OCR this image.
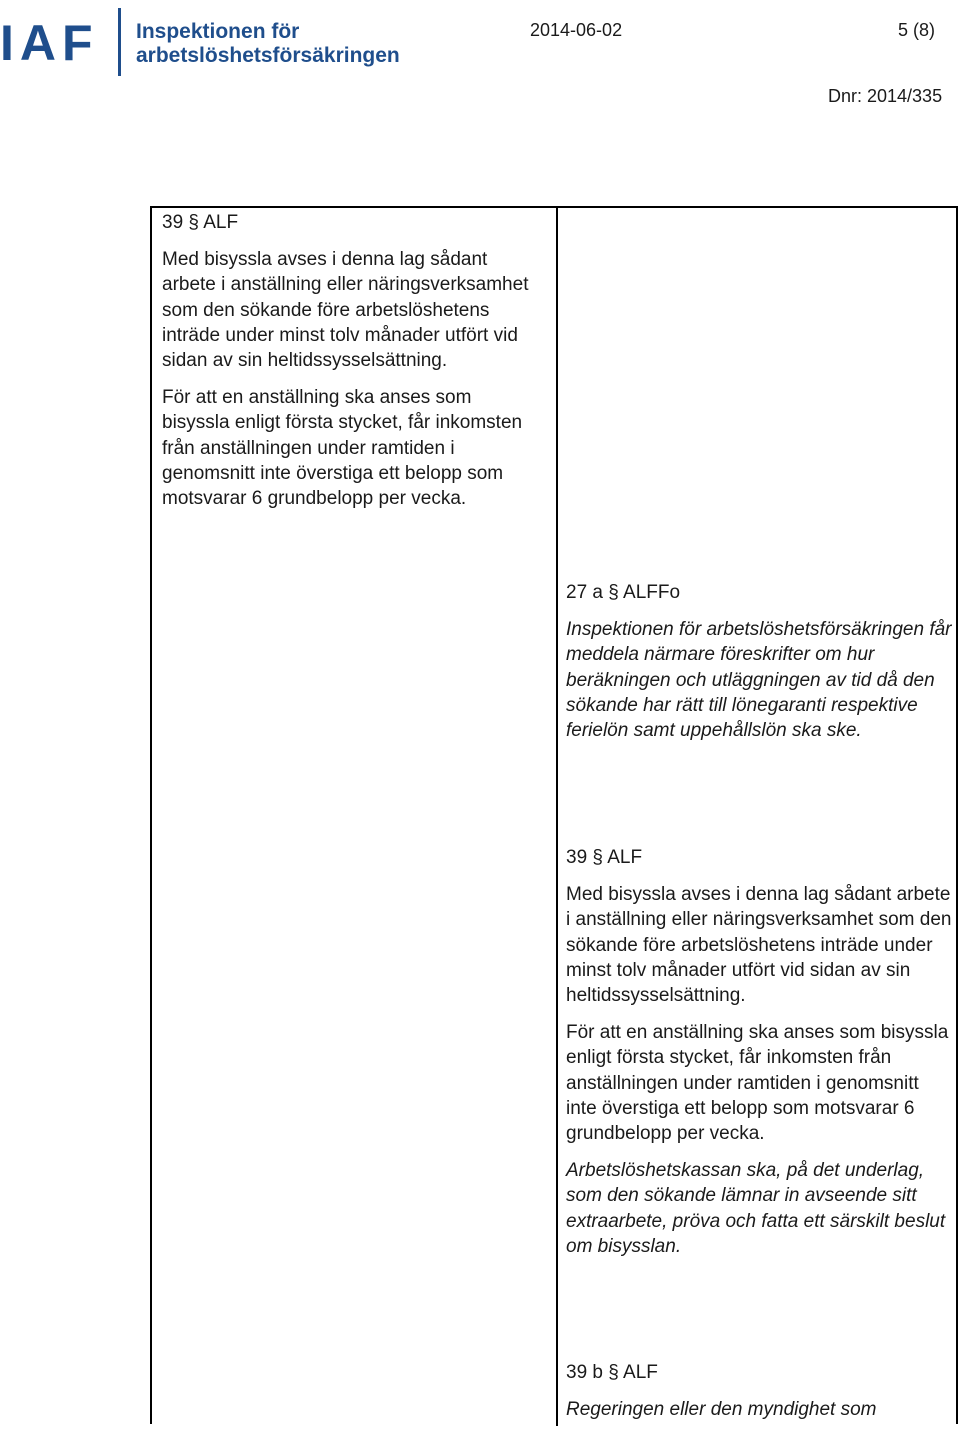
IAF Inspektionen för
arbetslöshetsförsäkringen
2014-06-02	5 (8)
Dnr: 2014/335

39 § ALF

Med bisyssla avses i denna lag sådant arbete i anställning eller näringsverksamhet som den sökande före arbetslöshetens inträde under minst tolv månader utfört vid sidan av sin heltidssysselsättning.

För att en anställning ska anses som bisyssla enligt första stycket, får inkomsten från anställningen under ramtiden i genomsnitt inte överstiga ett belopp som motsvarar 6 grundbelopp per vecka.

27 a § ALFFo

Inspektionen för arbetslöshetsförsäkringen får meddela närmare föreskrifter om hur beräkningen och utläggningen av tid då den sökande har rätt till lönegaranti respektive ferielön samt uppehållslön ska ske.

39 § ALF

Med bisyssla avses i denna lag sådant arbete i anställning eller näringsverksamhet som den sökande före arbetslöshetens inträde under minst tolv månader utfört vid sidan av sin heltidssysselsättning.

För att en anställning ska anses som bisyssla enligt första stycket, får inkomsten från anställningen under ramtiden i genomsnitt inte överstiga ett belopp som motsvarar 6 grundbelopp per vecka.

Arbetslöshetskassan ska, på det underlag, som den sökande lämnar in avseende sitt extraarbete, pröva och fatta ett särskilt beslut om bisysslan.

39 b § ALF

Regeringen eller den myndighet som
